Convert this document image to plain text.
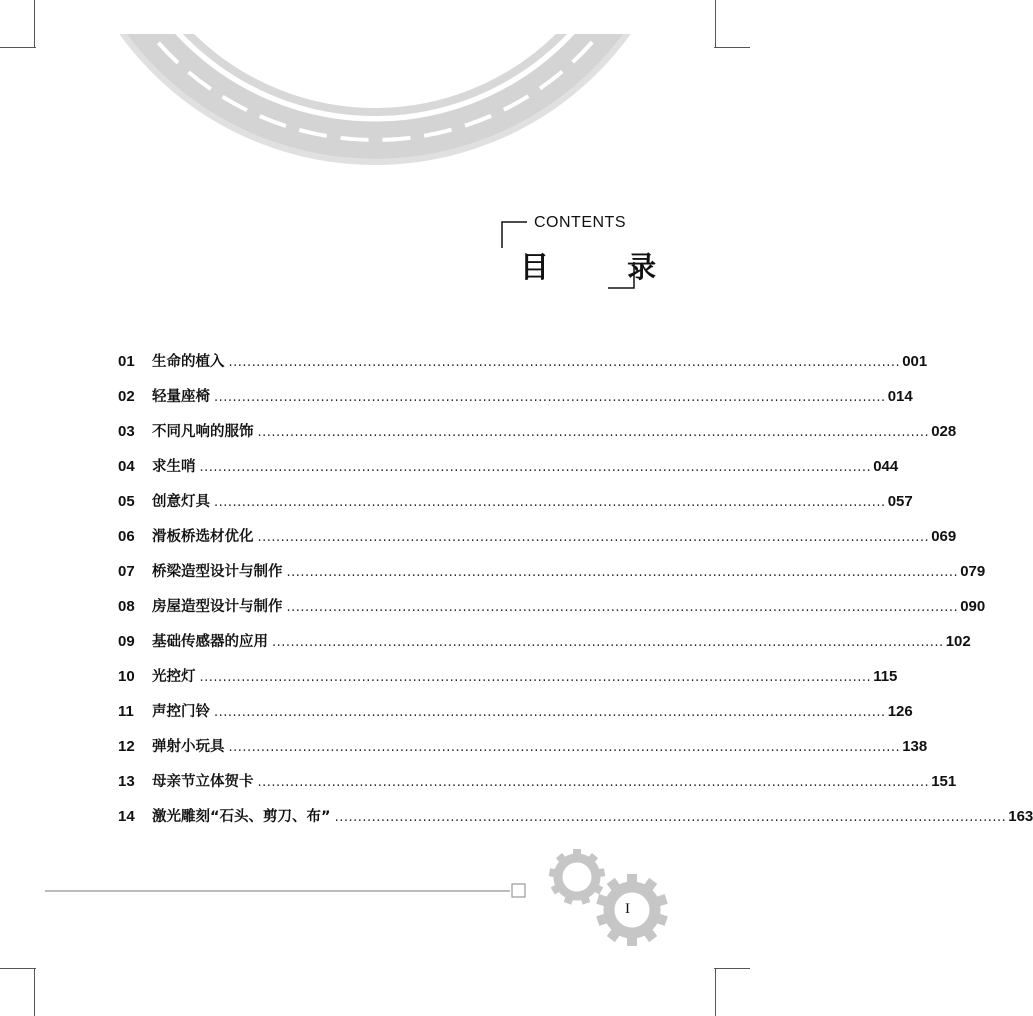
CONTENTS
目 录
01	生命的植入 ................................................................................................................................................. 001
02	轻量座椅 ................................................................................................................................................. 014
03	不同凡响的服饰 ................................................................................................................................................. 028
04	求生哨 ................................................................................................................................................. 044
05	创意灯具 ................................................................................................................................................. 057
06	滑板桥选材优化 ................................................................................................................................................. 069
07	桥梁造型设计与制作 ................................................................................................................................................. 079
08	房屋造型设计与制作 ................................................................................................................................................. 090
09	基础传感器的应用 ................................................................................................................................................. 102
10	光控灯 ................................................................................................................................................. 115
11	声控门铃 ................................................................................................................................................. 126
12	弹射小玩具 ................................................................................................................................................. 138
13	母亲节立体贺卡 ................................................................................................................................................. 151
14	激光雕刻“石头、剪刀、布” ................................................................................................................................................. 163
I
